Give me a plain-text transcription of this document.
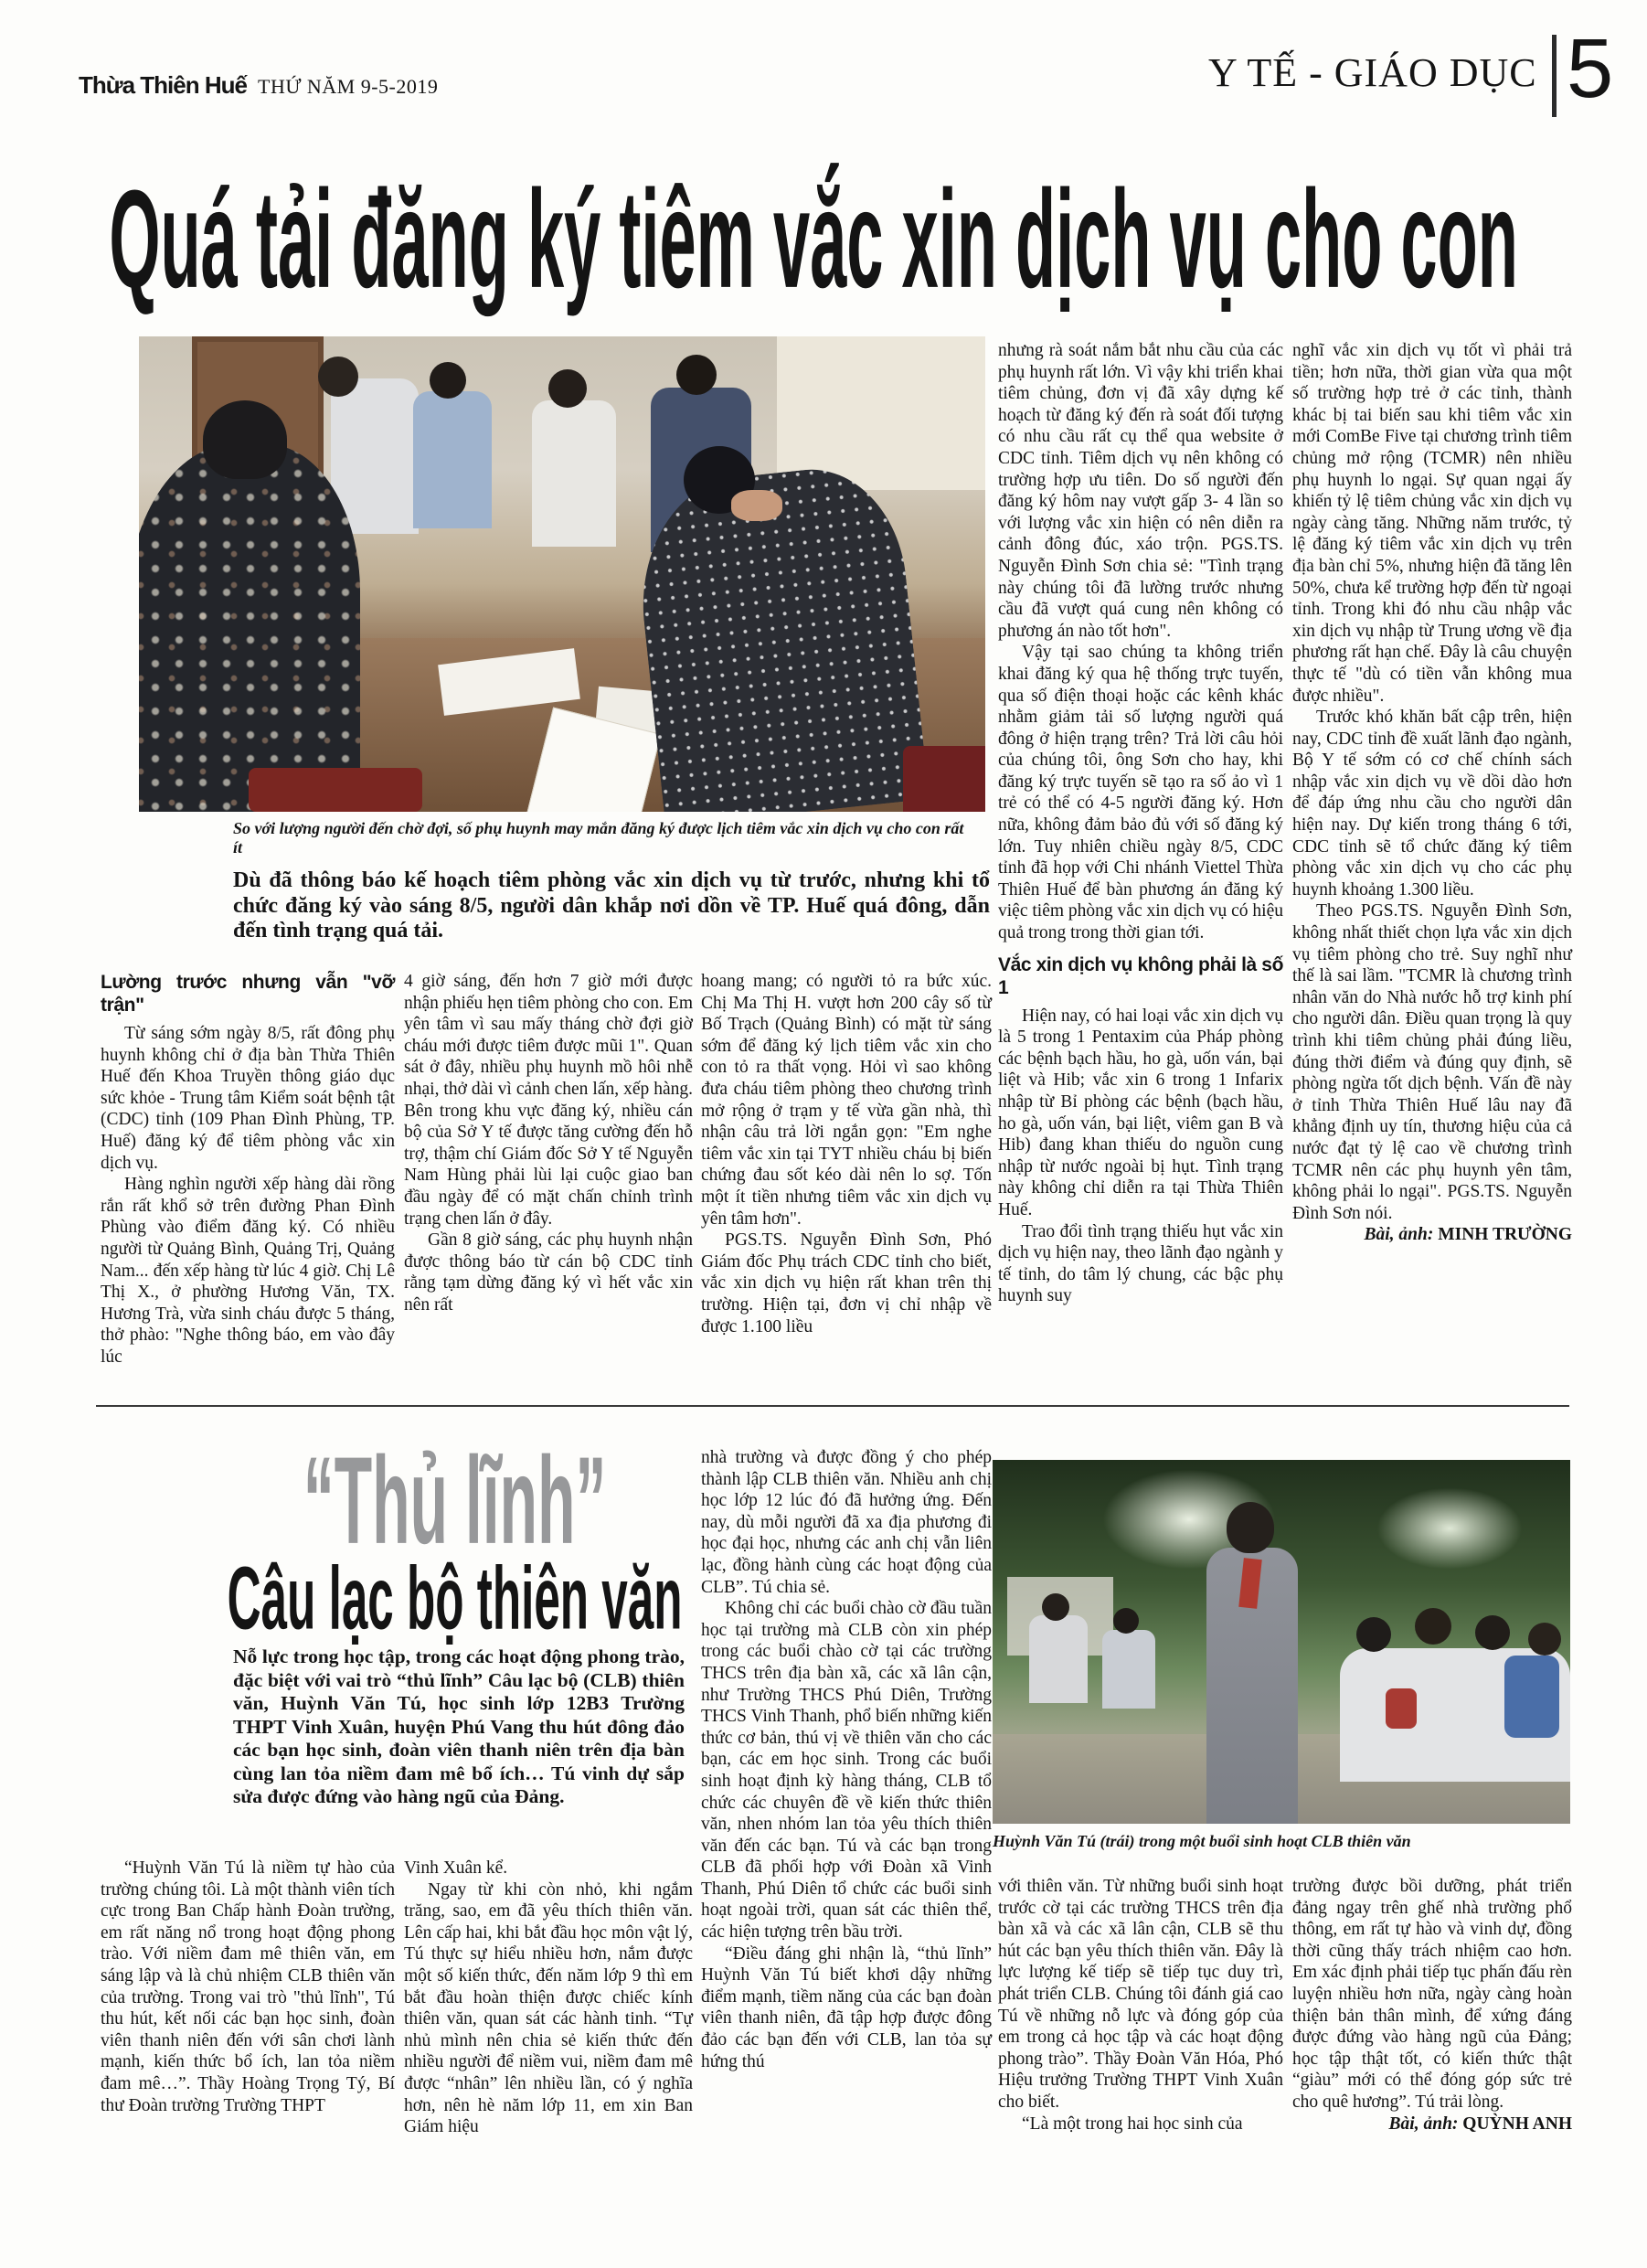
Thừa Thiên Huế THỨ NĂM 9-5-2019	Y TẾ - GIÁO DỤC 5
Quá tải đăng ký tiêm vắc xin dịch vụ cho con
So với lượng người đến chờ đợi, số phụ huynh may mắn đăng ký được lịch tiêm vắc xin dịch vụ cho con rất ít
Dù đã thông báo kế hoạch tiêm phòng vắc xin dịch vụ từ trước, nhưng khi tổ chức đăng ký vào sáng 8/5, người dân khắp nơi dồn về TP. Huế quá đông, dẫn đến tình trạng quá tải.
Lường trước nhưng vẫn "vỡ trận"

Từ sáng sớm ngày 8/5, rất đông phụ huynh không chỉ ở địa bàn Thừa Thiên Huế đến Khoa Truyền thông giáo dục sức khỏe - Trung tâm Kiểm soát bệnh tật (CDC) tỉnh (109 Phan Đình Phùng, TP. Huế) đăng ký để tiêm phòng vắc xin dịch vụ.

Hàng nghìn người xếp hàng dài rồng rắn rất khổ sở trên đường Phan Đình Phùng vào điểm đăng ký. Có nhiều người từ Quảng Bình, Quảng Trị, Quảng Nam... đến xếp hàng từ lúc 4 giờ. Chị Lê Thị X., ở phường Hương Văn, TX. Hương Trà, vừa sinh cháu được 5 tháng, thở phào: "Nghe thông báo, em vào đây lúc

4 giờ sáng, đến hơn 7 giờ mới được nhận phiếu hẹn tiêm phòng cho con. Em yên tâm vì sau mấy tháng chờ đợi giờ cháu mới được tiêm được mũi 1". Quan sát ở đây, nhiều phụ huynh mồ hôi nhễ nhại, thở dài vì cảnh chen lấn, xếp hàng. Bên trong khu vực đăng ký, nhiều cán bộ của Sở Y tế được tăng cường đến hỗ trợ, thậm chí Giám đốc Sở Y tế Nguyễn Nam Hùng phải lùi lại cuộc giao ban đầu ngày để có mặt chấn chỉnh trình trạng chen lấn ở đây.

Gần 8 giờ sáng, các phụ huynh nhận được thông báo từ cán bộ CDC tỉnh rằng tạm dừng đăng ký vì hết vắc xin nên rất

hoang mang; có người tỏ ra bức xúc. Chị Ma Thị H. vượt hơn 200 cây số từ Bố Trạch (Quảng Bình) có mặt từ sáng sớm để đăng ký lịch tiêm vắc xin cho con tỏ ra thất vọng. Hỏi vì sao không đưa cháu tiêm phòng theo chương trình mở rộng ở trạm y tế vừa gần nhà, thì nhận câu trả lời ngắn gọn: "Em nghe tiêm vắc xin tại TYT nhiều cháu bị biến chứng đau sốt kéo dài nên lo sợ. Tốn một ít tiền nhưng tiêm vắc xin dịch vụ yên tâm hơn".

PGS.TS. Nguyễn Đình Sơn, Phó Giám đốc Phụ trách CDC tỉnh cho biết, vắc xin dịch vụ hiện rất khan trên thị trường. Hiện tại, đơn vị chỉ nhập về được 1.100 liều

nhưng rà soát nắm bắt nhu cầu của các phụ huynh rất lớn. Vì vậy khi triển khai tiêm chủng, đơn vị đã xây dựng kế hoạch từ đăng ký đến rà soát đối tượng có nhu cầu rất cụ thể qua website ở CDC tỉnh. Tiêm dịch vụ nên không có trường hợp ưu tiên. Do số người đến đăng ký hôm nay vượt gấp 3- 4 lần so với lượng vắc xin hiện có nên diễn ra cảnh đông đúc, xáo trộn. PGS.TS. Nguyễn Đình Sơn chia sẻ: "Tình trạng này chúng tôi đã lường trước nhưng cầu đã vượt quá cung nên không có phương án nào tốt hơn".

Vậy tại sao chúng ta không triển khai đăng ký qua hệ thống trực tuyến, qua số điện thoại hoặc các kênh khác nhằm giảm tải số lượng người quá đông ở hiện trạng trên? Trả lời câu hỏi của chúng tôi, ông Sơn cho hay, khi đăng ký trực tuyến sẽ tạo ra số ảo vì 1 trẻ có thể có 4-5 người đăng ký. Hơn nữa, không đảm bảo đủ với số đăng ký lớn. Tuy nhiên chiều ngày 8/5, CDC tỉnh đã họp với Chi nhánh Viettel Thừa Thiên Huế để bàn phương án đăng ký việc tiêm phòng vắc xin dịch vụ có hiệu quả trong trong thời gian tới.

Vắc xin dịch vụ không phải là số 1

Hiện nay, có hai loại vắc xin dịch vụ là 5 trong 1 Pentaxim của Pháp phòng các bệnh bạch hầu, ho gà, uốn ván, bại liệt và Hib; vắc xin 6 trong 1 Infarix nhập từ Bỉ phòng các bệnh (bạch hầu, ho gà, uốn ván, bại liệt, viêm gan B và Hib) đang khan thiếu do nguồn cung nhập từ nước ngoài bị hụt. Tình trạng này không chỉ diễn ra tại Thừa Thiên Huế.

Trao đổi tình trạng thiếu hụt vắc xin dịch vụ hiện nay, theo lãnh đạo ngành y tế tỉnh, do tâm lý chung, các bậc phụ huynh suy

nghĩ vắc xin dịch vụ tốt vì phải trả tiền; hơn nữa, thời gian vừa qua một số trường hợp trẻ ở các tỉnh, thành khác bị tai biến sau khi tiêm vắc xin mới ComBe Five tại chương trình tiêm chủng mở rộng (TCMR) nên nhiều phụ huynh lo ngại. Sự quan ngại ấy khiến tỷ lệ tiêm chủng vắc xin dịch vụ ngày càng tăng. Những năm trước, tỷ lệ đăng ký tiêm vắc xin dịch vụ trên địa bàn chỉ 5%, nhưng hiện đã tăng lên 50%, chưa kể trường hợp đến từ ngoại tỉnh. Trong khi đó nhu cầu nhập vắc xin dịch vụ nhập từ Trung ương về địa phương rất hạn chế. Đây là câu chuyện thực tế "dù có tiền vẫn không mua được nhiều".

Trước khó khăn bất cập trên, hiện nay, CDC tỉnh đề xuất lãnh đạo ngành, Bộ Y tế sớm có cơ chế chính sách nhập vắc xin dịch vụ về dồi dào hơn để đáp ứng nhu cầu cho người dân hiện nay. Dự kiến trong tháng 6 tới, CDC tỉnh sẽ tổ chức đăng ký tiêm phòng vắc xin dịch vụ cho các phụ huynh khoảng 1.300 liều.

Theo PGS.TS. Nguyễn Đình Sơn, không nhất thiết chọn lựa vắc xin dịch vụ tiêm phòng cho trẻ. Suy nghĩ như thế là sai lầm. "TCMR là chương trình nhân văn do Nhà nước hỗ trợ kinh phí cho người dân. Điều quan trọng là quy trình khi tiêm chủng phải đúng liều, đúng thời điểm và đúng quy định, sẽ phòng ngừa tốt dịch bệnh. Vấn đề này ở tỉnh Thừa Thiên Huế lâu nay đã khẳng định uy tín, thương hiệu của cả nước đạt tỷ lệ cao về chương trình TCMR nên các phụ huynh yên tâm, không phải lo ngại". PGS.TS. Nguyễn Đình Sơn nói.

Bài, ảnh: MINH TRƯỜNG

“Thủ lĩnh”
Câu lạc bộ thiên văn
Nỗ lực trong học tập, trong các hoạt động phong trào, đặc biệt với vai trò “thủ lĩnh” Câu lạc bộ (CLB) thiên văn, Huỳnh Văn Tú, học sinh lớp 12B3 Trường THPT Vinh Xuân, huyện Phú Vang thu hút đông đảo các bạn học sinh, đoàn viên thanh niên trên địa bàn cùng lan tỏa niềm đam mê bổ ích… Tú vinh dự sắp sửa được đứng vào hàng ngũ của Đảng.

nhà trường và được đồng ý cho phép thành lập CLB thiên văn. Nhiều anh chị học lớp 12 lúc đó đã hưởng ứng. Đến nay, dù mỗi người đã xa địa phương đi học đại học, nhưng các anh chị vẫn liên lạc, đồng hành cùng các hoạt động của CLB”. Tú chia sẻ.

Không chỉ các buổi chào cờ đầu tuần học tại trường mà CLB còn xin phép trong các buổi chào cờ tại các trường THCS trên địa bàn xã, các xã lân cận, như Trường THCS Phú Diên, Trường THCS Vinh Thanh, phổ biến những kiến thức cơ bản, thú vị về thiên văn cho các bạn, các em học sinh. Trong các buổi sinh hoạt định kỳ hàng tháng, CLB tổ chức các chuyên đề về kiến thức thiên văn, nhen nhóm lan tỏa yêu thích thiên văn đến các bạn. Tú và các bạn trong CLB đã phối hợp với Đoàn xã Vinh Thanh, Phú Diên tổ chức các buổi sinh hoạt ngoài trời, quan sát các thiên thể, các hiện tượng trên bầu trời.

“Điều đáng ghi nhận là, “thủ lĩnh” Huỳnh Văn Tú biết khơi dậy những điểm mạnh, tiềm năng của các bạn đoàn viên thanh niên, đã tập hợp được đông đảo các bạn đến với CLB, lan tỏa sự hứng thú

Huỳnh Văn Tú (trái) trong một buổi sinh hoạt CLB thiên văn

“Huỳnh Văn Tú là niềm tự hào của trường chúng tôi. Là một thành viên tích cực trong Ban Chấp hành Đoàn trường, em rất năng nổ trong hoạt động phong trào. Với niềm đam mê thiên văn, em sáng lập và là chủ nhiệm CLB thiên văn của trường. Trong vai trò "thủ lĩnh", Tú thu hút, kết nối các bạn học sinh, đoàn viên thanh niên đến với sân chơi lành mạnh, kiến thức bổ ích, lan tỏa niềm đam mê…”. Thầy Hoàng Trọng Tý, Bí thư Đoàn trường Trường THPT

Vinh Xuân kể.

Ngay từ khi còn nhỏ, khi ngắm trăng, sao, em đã yêu thích thiên văn. Lên cấp hai, khi bắt đầu học môn vật lý, Tú thực sự hiểu nhiều hơn, nắm được một số kiến thức, đến năm lớp 9 thì em bắt đầu hoàn thiện được chiếc kính thiên văn, quan sát các hành tinh. “Tự nhủ mình nên chia sẻ kiến thức đến nhiều người để niềm vui, niềm đam mê được “nhân” lên nhiều lần, có ý nghĩa hơn, nên hè năm lớp 11, em xin Ban Giám hiệu

với thiên văn. Từ những buổi sinh hoạt trước cờ tại các trường THCS trên địa bàn xã và các xã lân cận, CLB sẽ thu hút các bạn yêu thích thiên văn. Đây là lực lượng kế tiếp sẽ tiếp tục duy trì, phát triển CLB. Chúng tôi đánh giá cao Tú về những nỗ lực và đóng góp của em trong cả học tập và các hoạt động phong trào”. Thầy Đoàn Văn Hóa, Phó Hiệu trưởng Trường THPT Vinh Xuân cho biết.

“Là một trong hai học sinh của

trường được bồi dưỡng, phát triển đảng ngay trên ghế nhà trường phổ thông, em rất tự hào và vinh dự, đồng thời cũng thấy trách nhiệm cao hơn. Em xác định phải tiếp tục phấn đấu rèn luyện nhiều hơn nữa, ngày càng hoàn thiện bản thân mình, để xứng đáng được đứng vào hàng ngũ của Đảng; học tập thật tốt, có kiến thức thật “giàu” mới có thể đóng góp sức trẻ cho quê hương”. Tú trải lòng.

Bài, ảnh: QUỲNH ANH
